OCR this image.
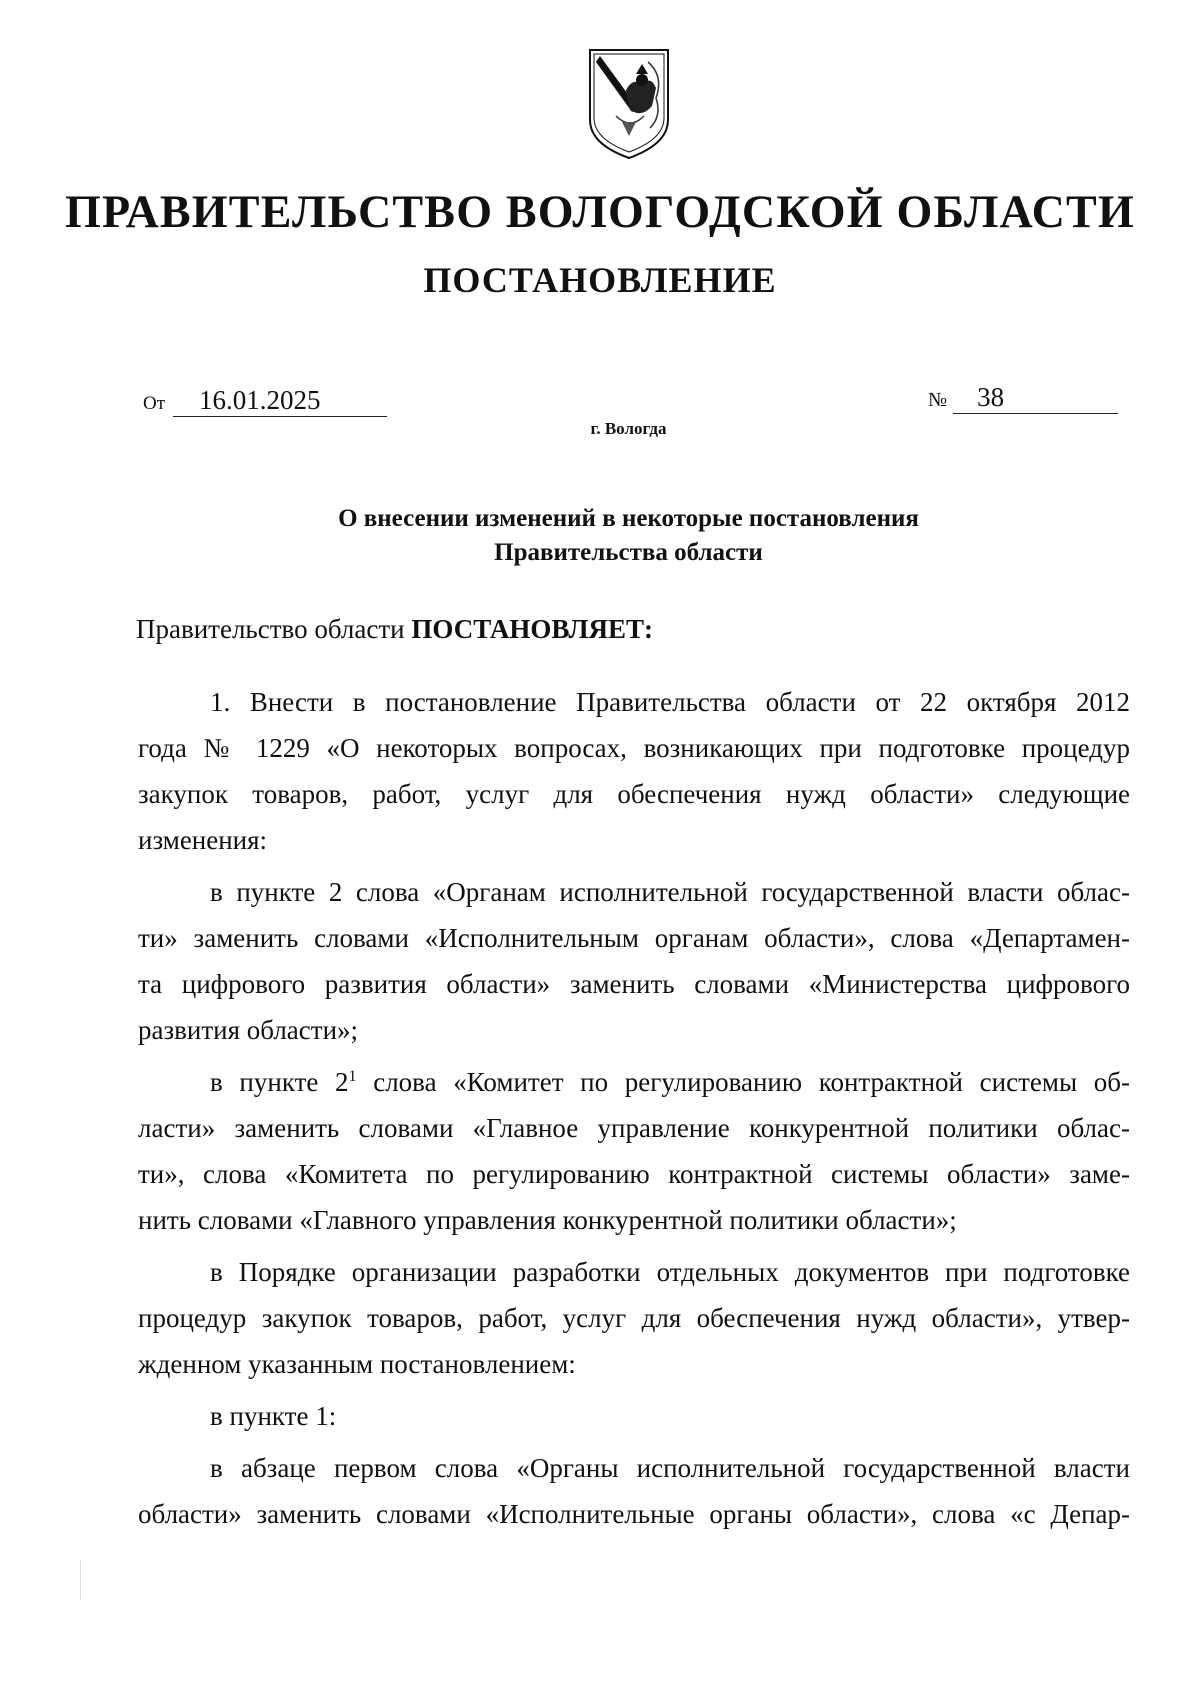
ПРАВИТЕЛЬСТВО ВОЛОГОДСКОЙ ОБЛАСТИ
ПОСТАНОВЛЕНИЕ
От 16.01.2025	№ 38
г. Вологда
О внесении изменений в некоторые постановления
Правительства области
Правительство области ПОСТАНОВЛЯЕТ:
1. Внести в постановление Правительства области от 22 октября 2012
года № 1229 «О некоторых вопросах, возникающих при подготовке процедур
закупок товаров, работ, услуг для обеспечения нужд области» следующие
изменения:
в пункте 2 слова «Органам исполнительной государственной власти облас-
ти» заменить словами «Исполнительным органам области», слова «Департамен-
та цифрового развития области» заменить словами «Министерства цифрового
развития области»;
в пункте $2^1$ слова «Комитет по регулированию контрактной системы об-
ласти» заменить словами «Главное управление конкурентной политики облас-
ти», слова «Комитета по регулированию контрактной системы области» заме-
нить словами «Главного управления конкурентной политики области»;
в Порядке организации разработки отдельных документов при подготовке
процедур закупок товаров, работ, услуг для обеспечения нужд области», утвер-
жденном указанным постановлением:
в пункте 1:
в абзаце первом слова «Органы исполнительной государственной власти
области» заменить словами «Исполнительные органы области», слова «с Депар-
